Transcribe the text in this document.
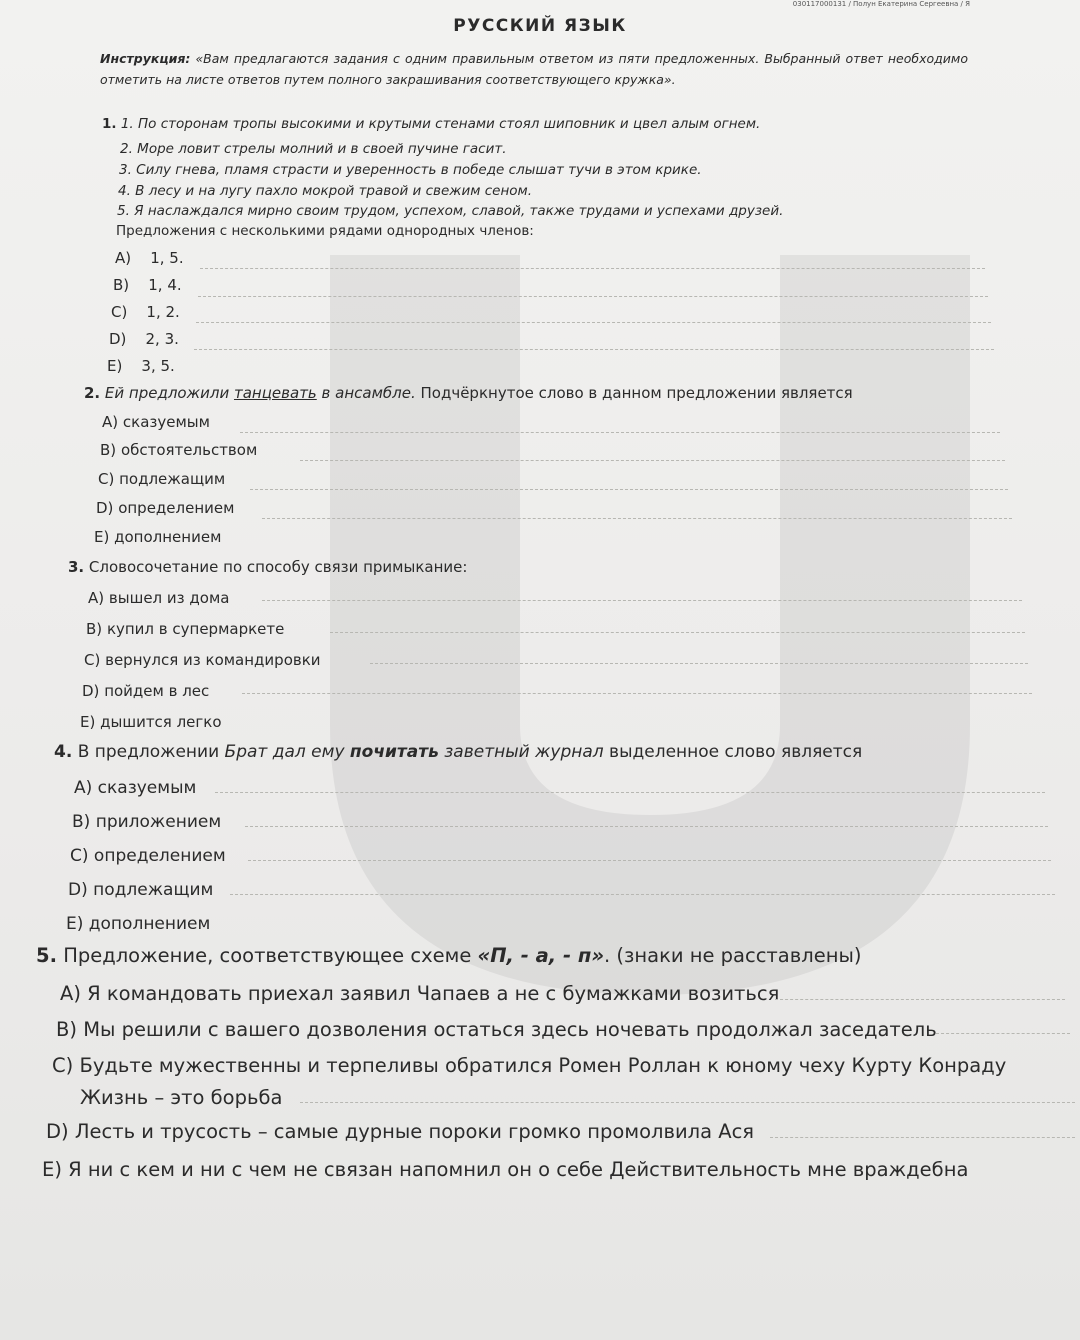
030117000131 / Полун Екатерина Сергеевна / Я
РУССКИЙ ЯЗЫК
Инструкция: «Вам предлагаются задания с одним правильным ответом из пяти предложенных. Выбранный ответ необходимо отметить на листе ответов путем полного закрашивания соответствующего кружка».
1. 1. По сторонам тропы высокими и крутыми стенами стоял шиповник и цвел алым огнем.
2. Море ловит стрелы молний и в своей пучине гасит.
3. Силу гнева, пламя страсти и уверенность в победе слышат тучи в этом крике.
4. В лесу и на лугу пахло мокрой травой и свежим сеном.
5. Я наслаждался мирно своим трудом, успехом, славой, также трудами и успехами друзей.
Предложения с несколькими рядами однородных членов:
A) 1, 5.
B) 1, 4.
C) 1, 2.
D) 2, 3.
E) 3, 5.
2. Ей предложили танцевать в ансамбле. Подчёркнутое слово в данном предложении является
A) сказуемым
B) обстоятельством
C) подлежащим
D) определением
E) дополнением
3. Словосочетание по способу связи примыкание:
A) вышел из дома
B) купил в супермаркете
C) вернулся из командировки
D) пойдем в лес
E) дышится легко
4. В предложении Брат дал ему почитать заветный журнал выделенное слово является
A) сказуемым
B) приложением
C) определением
D) подлежащим
E) дополнением
5. Предложение, соответствующее схеме «П, - а, - п». (знаки не расставлены)
A) Я командовать приехал заявил Чапаев а не с бумажками возиться
B) Мы решили с вашего дозволения остаться здесь ночевать продолжал заседатель
C) Будьте мужественны и терпеливы обратился Ромен Роллан к юному чеху Курту Конраду
Жизнь – это борьба
D) Лесть и трусость – самые дурные пороки громко промолвила Ася
E) Я ни с кем и ни с чем не связан напомнил он о себе Действительность мне враждебна
